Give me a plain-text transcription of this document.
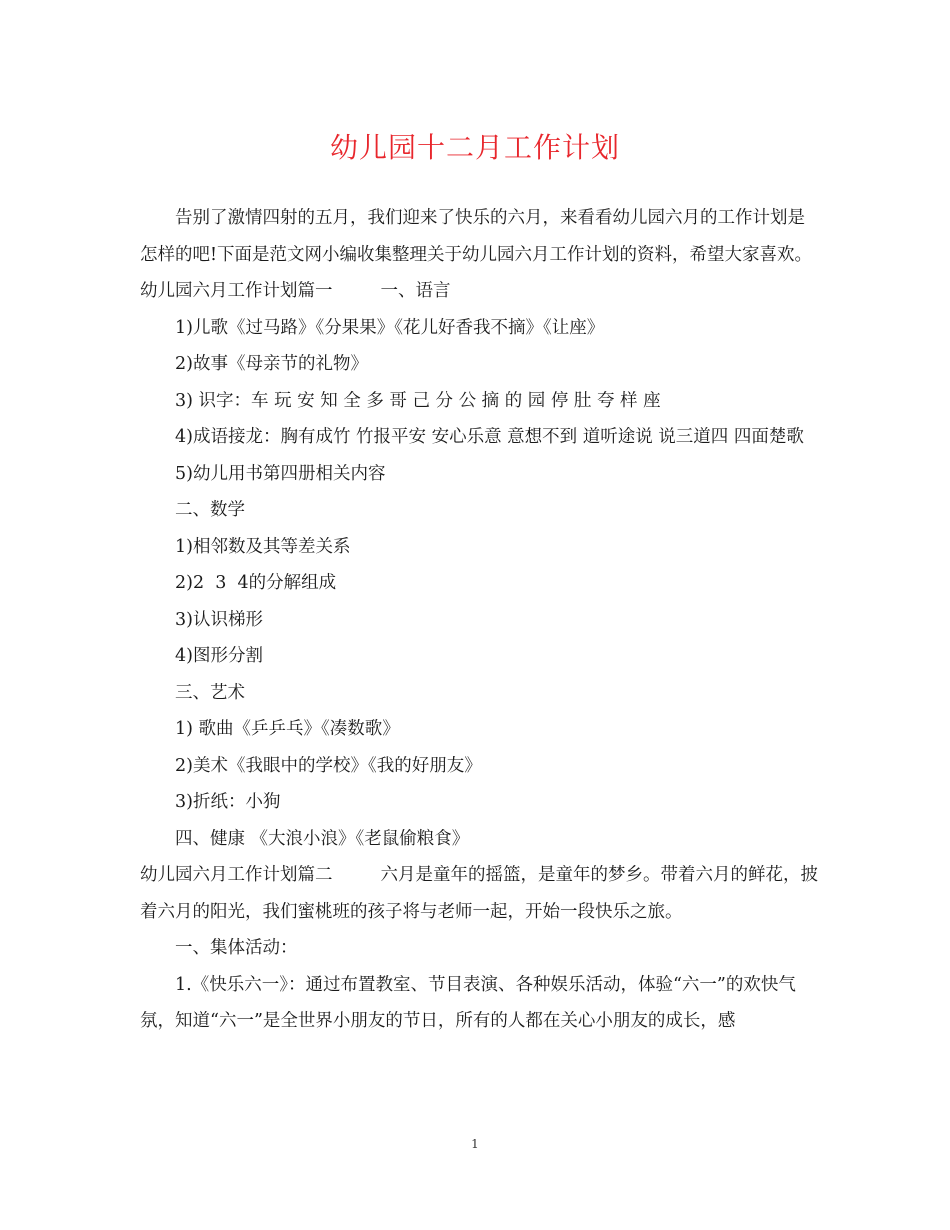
幼儿园十二月工作计划

告别了激情四射的五月，我们迎来了快乐的六月，来看看幼儿园六月的工作计划是怎样的吧!下面是范文网小编收集整理关于幼儿园六月工作计划的资料，希望大家喜欢。

幼儿园六月工作计划篇一	一、语言

1)儿歌《过马路》《分果果》《花儿好香我不摘》《让座》

2)故事《母亲节的礼物》

3) 识字：车 玩 安 知 全 多 哥 己 分 公 摘 的 园 停 肚 夸 样 座

4)成语接龙：胸有成竹 竹报平安 安心乐意 意想不到 道听途说 说三道四 四面楚歌

5)幼儿用书第四册相关内容

二、数学

1)相邻数及其等差关系

2)2  3  4的分解组成

3)认识梯形

4)图形分割

三、艺术

1) 歌曲《乒乒乓》《凑数歌》

2)美术《我眼中的学校》《我的好朋友》

3)折纸：小狗

四、健康 《大浪小浪》《老鼠偷粮食》

幼儿园六月工作计划篇二	六月是童年的摇篮，是童年的梦乡。带着六月的鲜花，披着六月的阳光，我们蜜桃班的孩子将与老师一起，开始一段快乐之旅。

一、集体活动：

1.《快乐六一》：通过布置教室、节目表演、各种娱乐活动，体验“六一”的欢快气氛，知道“六一”是全世界小朋友的节日，所有的人都在关心小朋友的成长，感

1
